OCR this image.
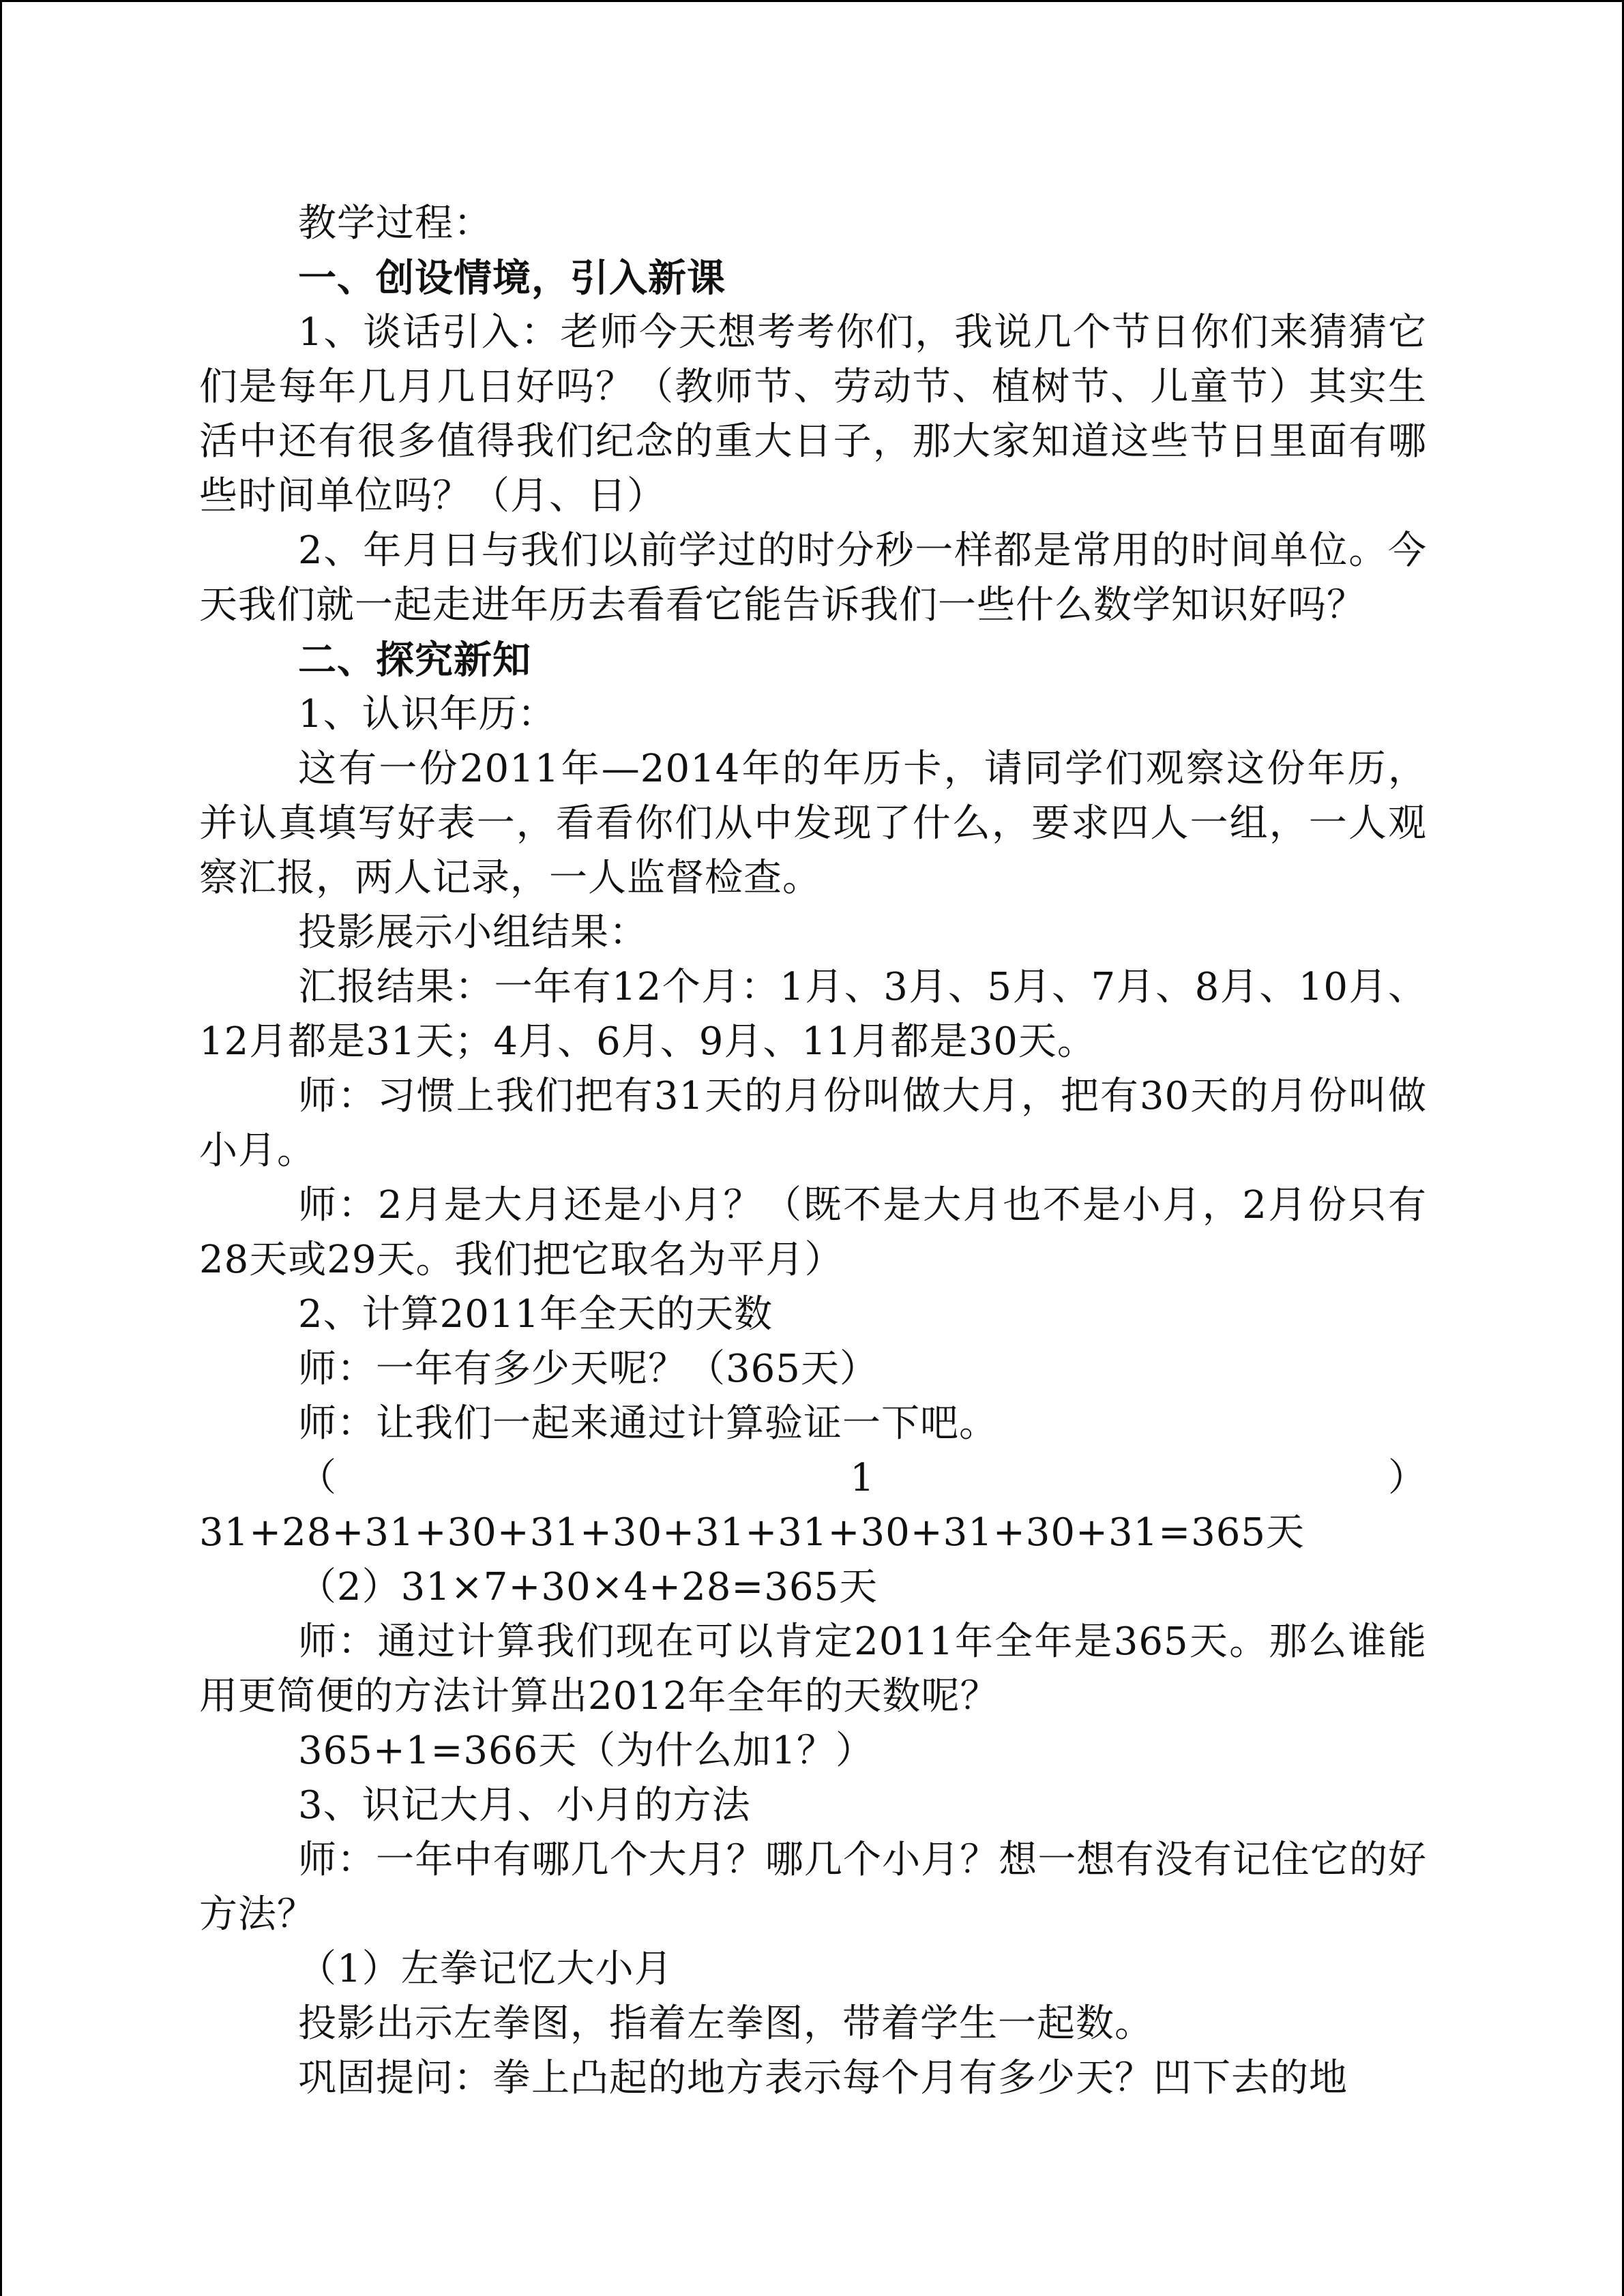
教学过程：

一、创设情境，引入新课

1、谈话引入：老师今天想考考你们，我说几个节日你们来猜猜它们是每年几月几日好吗？（教师节、劳动节、植树节、儿童节）其实生活中还有很多值得我们纪念的重大日子，那大家知道这些节日里面有哪些时间单位吗？（月、日）

2、年月日与我们以前学过的时分秒一样都是常用的时间单位。今天我们就一起走进年历去看看它能告诉我们一些什么数学知识好吗？

二、探究新知

1、认识年历：

这有一份2011年—2014年的年历卡，请同学们观察这份年历，并认真填写好表一，看看你们从中发现了什么，要求四人一组，一人观察汇报，两人记录，一人监督检查。

投影展示小组结果：

汇报结果：一年有12个月：1月、3月、5月、7月、8月、10月、12月都是31天；4月、6月、9月、11月都是30天。

师：习惯上我们把有31天的月份叫做大月，把有30天的月份叫做小月。

师：2月是大月还是小月？（既不是大月也不是小月，2月份只有28天或29天。我们把它取名为平月）

2、计算2011年全天的天数

师：一年有多少天呢？（365天）

师：让我们一起来通过计算验证一下吧。

（1）31+28+31+30+31+30+31+31+30+31+30+31=365天

（2）31×7+30×4+28=365天

师：通过计算我们现在可以肯定2011年全年是365天。那么谁能用更简便的方法计算出2012年全年的天数呢？

365+1=366天（为什么加1？）

3、识记大月、小月的方法

师：一年中有哪几个大月？哪几个小月？想一想有没有记住它的好方法？

（1）左拳记忆大小月

投影出示左拳图，指着左拳图，带着学生一起数。

巩固提问：拳上凸起的地方表示每个月有多少天？凹下去的地
